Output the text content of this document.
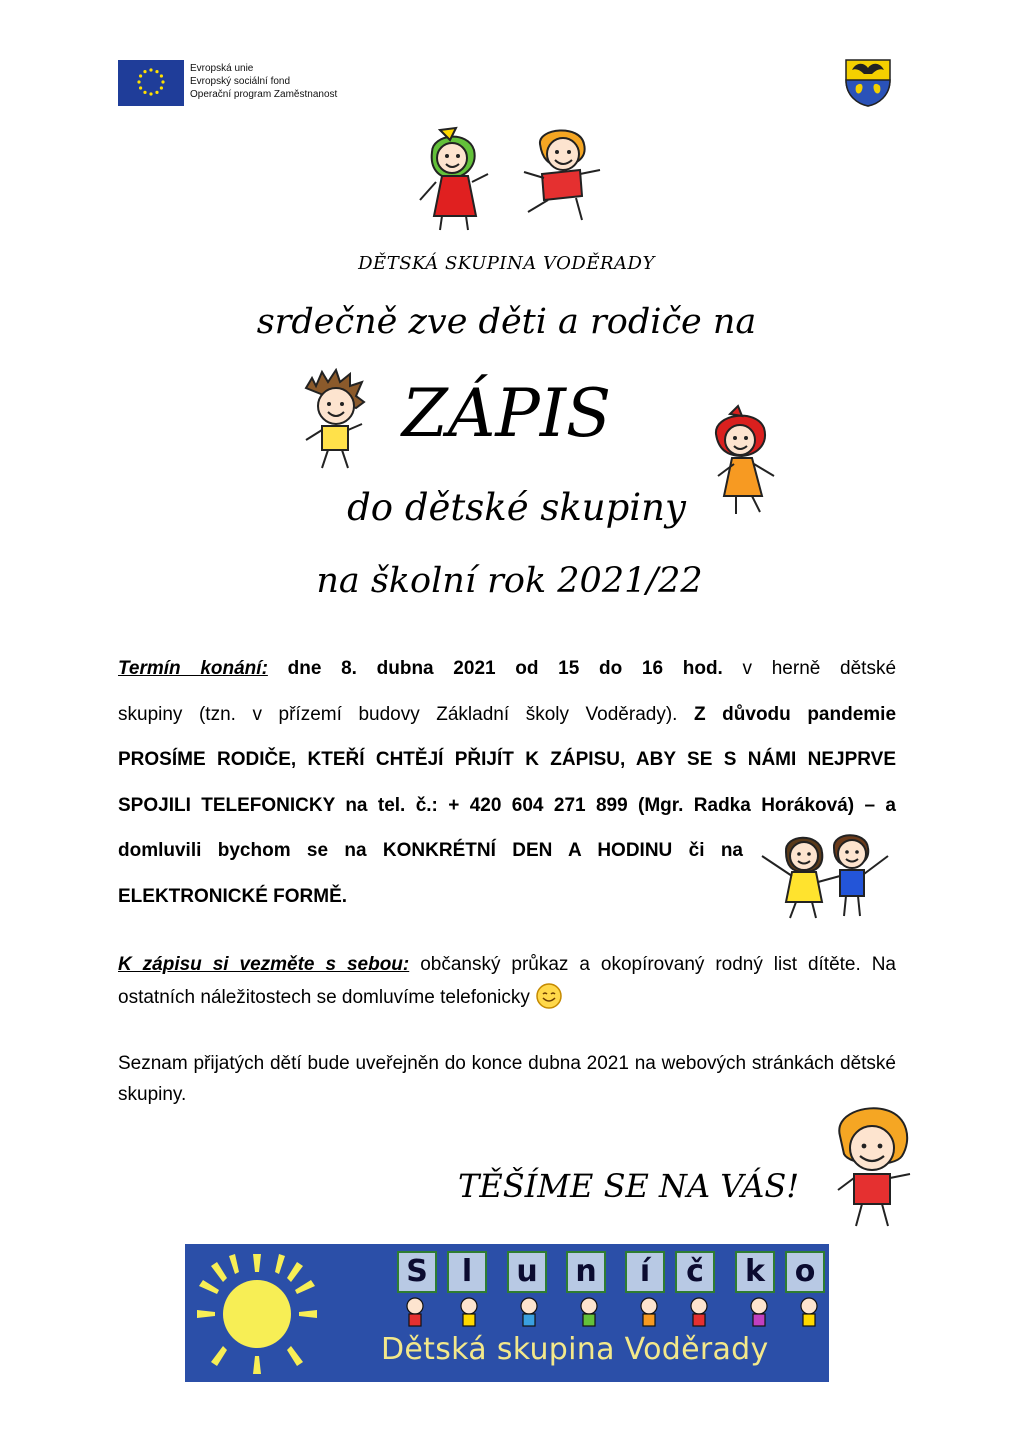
Evropská unie
Evropský sociální fond
Operační program Zaměstnanost
DĚTSKÁ SKUPINA VODĚRADY
srdečně zve děti a rodiče na
ZÁPIS
do dětské skupiny
na školní rok 2021/22
Termín konání: dne 8. dubna 2021 od 15 do 16 hod. v herně dětské
skupiny (tzn. v přízemí budovy Základní školy Voděrady). Z důvodu pandemie
PROSÍME RODIČE, KTEŘÍ CHTĚJÍ PŘIJÍT K ZÁPISU, ABY SE S NÁMI NEJPRVE
SPOJILI TELEFONICKY na tel. č.: + 420 604 271 899 (Mgr. Radka Horáková) – a
domluvili bychom se na KONKRÉTNÍ DEN A HODINU či na
ELEKTRONICKÉ FORMĚ.
K zápisu si vezměte s sebou: občanský průkaz a okopírovaný rodný list dítěte. Na ostatních náležitostech se domluvíme telefonicky
Seznam přijatých dětí bude uveřejněn do konce dubna 2021 na webových stránkách dětské skupiny.
TĚŠÍME SE NA VÁS!
S	l	u	n	í	č	k o
Dětská skupina Voděrady
